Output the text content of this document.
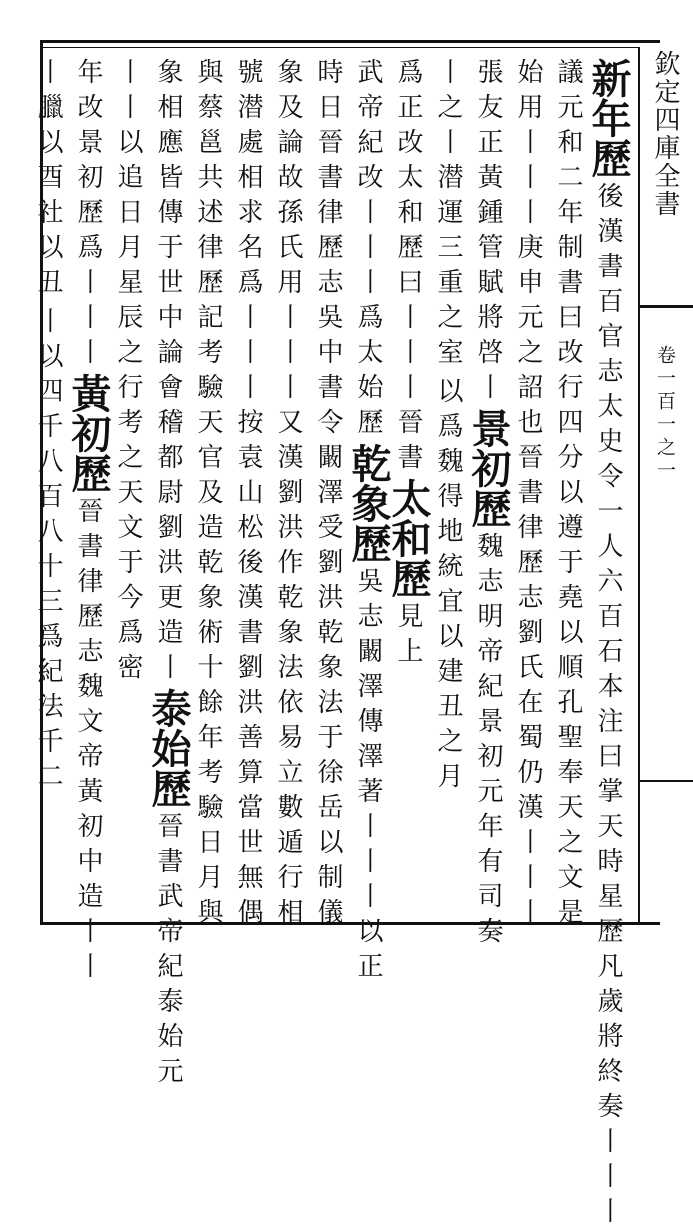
欽定四庫全書
卷一百一之一
新年歷後漢書百官志太史令一人六百石本注曰掌天時星歷凡歲將終奏丨丨丨
議元和二年制書曰改行四分以遵于堯以順孔聖奉天之文是
始用丨丨丨庚申元之詔也晉書律歷志劉氏在蜀仍漢丨丨丨
張友正黃鍾管賦將啓丨景初歷魏志明帝紀景初元年有司奏
丨之丨潜運三重之室以爲魏得地統宜以建丑之月
爲正改太和歷曰丨丨丨晉書太和歷見上
武帝紀改丨丨丨爲太始歷乾象歷吳志闞澤傳澤著丨丨丨以正
時日晉書律歷志吳中書令闞澤受劉洪乾象法于徐岳以制儀
象及論故孫氏用丨丨丨又漢劉洪作乾象法依易立數遁行相
號潜處相求名爲丨丨丨按袁山松後漢書劉洪善算當世無偶
與蔡邕共述律歷記考驗天官及造乾象術十餘年考驗日月與
象相應皆傳于世中論會稽都尉劉洪更造丨泰始歷晉書武帝紀泰始元
丨丨以追日月星辰之行考之天文于今爲密
年改景初歷爲丨丨丨黃初歷晉書律歷志魏文帝黃初中造丨丨
丨臘以酉社以丑丨以四千八百八十三爲紀法千二
